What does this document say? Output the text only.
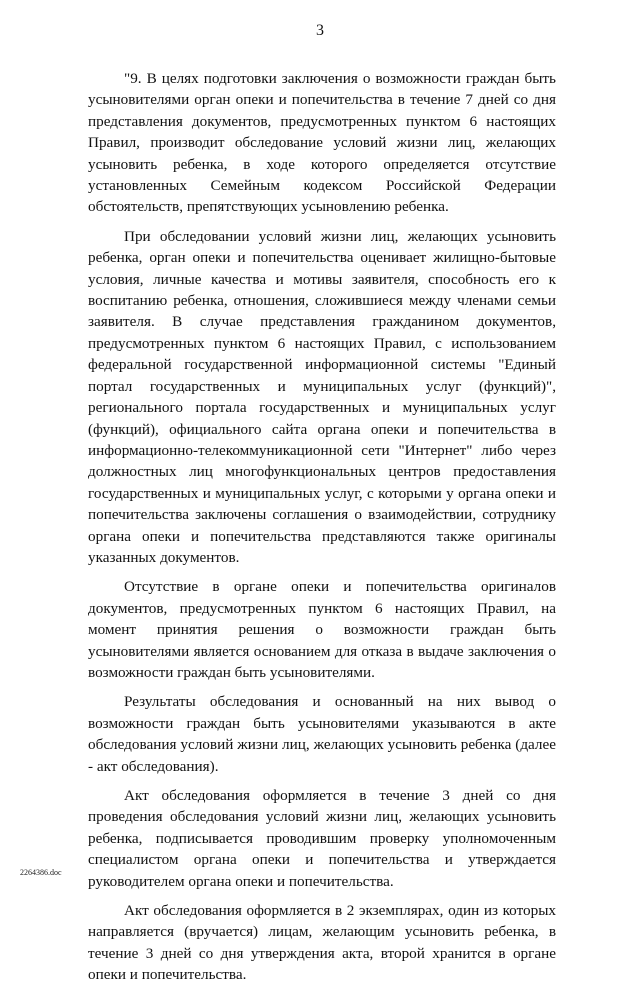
3

"9. В целях подготовки заключения о возможности граждан быть усыновителями орган опеки и попечительства в течение 7 дней со дня представления документов, предусмотренных пунктом 6 настоящих Правил, производит обследование условий жизни лиц, желающих усыновить ребенка, в ходе которого определяется отсутствие установленных Семейным кодексом Российской Федерации обстоятельств, препятствующих усыновлению ребенка.

При обследовании условий жизни лиц, желающих усыновить ребенка, орган опеки и попечительства оценивает жилищно-бытовые условия, личные качества и мотивы заявителя, способность его к воспитанию ребенка, отношения, сложившиеся между членами семьи заявителя. В случае представления гражданином документов, предусмотренных пунктом 6 настоящих Правил, с использованием федеральной государственной информационной системы "Единый портал государственных и муниципальных услуг (функций)", регионального портала государственных и муниципальных услуг (функций), официального сайта органа опеки и попечительства в информационно-телекоммуникационной сети "Интернет" либо через должностных лиц многофункциональных центров предоставления государственных и муниципальных услуг, с которыми у органа опеки и попечительства заключены соглашения о взаимодействии, сотруднику органа опеки и попечительства представляются также оригиналы указанных документов.

Отсутствие в органе опеки и попечительства оригиналов документов, предусмотренных пунктом 6 настоящих Правил, на момент принятия решения о возможности граждан быть усыновителями является основанием для отказа в выдаче заключения о возможности граждан быть усыновителями.

Результаты обследования и основанный на них вывод о возможности граждан быть усыновителями указываются в акте обследования условий жизни лиц, желающих усыновить ребенка (далее - акт обследования).

Акт обследования оформляется в течение 3 дней со дня проведения обследования условий жизни лиц, желающих усыновить ребенка, подписывается проводившим проверку уполномоченным специалистом органа опеки и попечительства и утверждается руководителем органа опеки и попечительства.

Акт обследования оформляется в 2 экземплярах, один из которых направляется (вручается) лицам, желающим усыновить ребенка, в течение 3 дней со дня утверждения акта, второй хранится в органе опеки и попечительства.

2264386.doc
